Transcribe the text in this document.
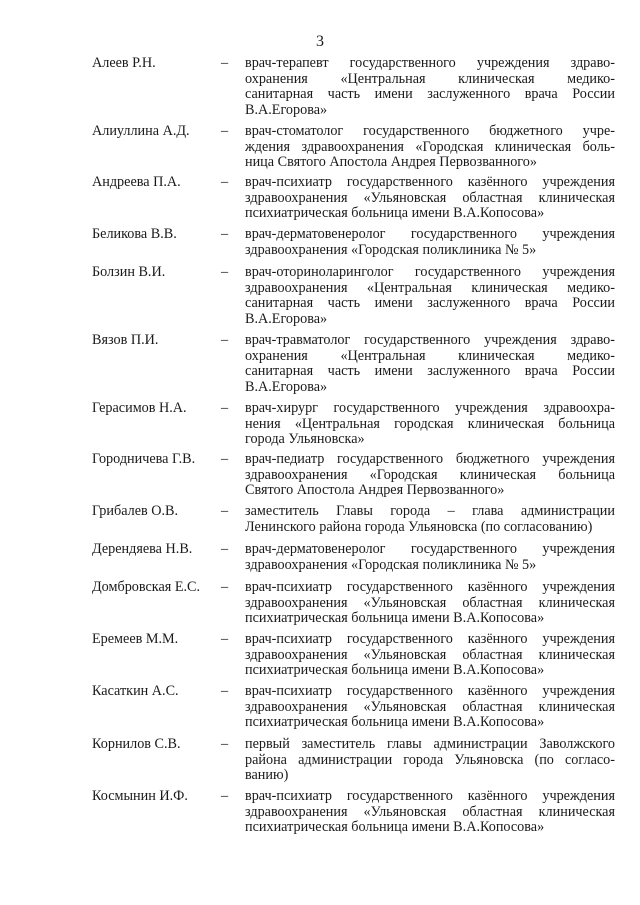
3
Алеев Р.Н.	– врач-терапевт государственного учреждения здраво-
охранения «Центральная клиническая медико-
санитарная часть имени заслуженного врача России
В.А.Егорова»
Алиуллина А.Д. – врач-стоматолог государственного бюджетного учре-
ждения здравоохранения «Городская клиническая боль-
ница Святого Апостола Андрея Первозванного»
Андреева П.А.	– врач-психиатр государственного казённого учреждения
здравоохранения «Ульяновская областная клиническая
психиатрическая больница имени В.А.Копосова»
Беликова В.В.	– врач-дерматовенеролог государственного учреждения
здравоохранения «Городская поликлиника № 5»
Болзин В.И.	– врач-оториноларинголог государственного учреждения
здравоохранения «Центральная клиническая медико-
санитарная часть имени заслуженного врача России
В.А.Егорова»
Вязов П.И.	– врач-травматолог государственного учреждения здраво-
охранения «Центральная клиническая медико-
санитарная часть имени заслуженного врача России
В.А.Егорова»
Герасимов Н.А. – врач-хирург государственного учреждения здравоохра-
нения «Центральная городская клиническая больница
города Ульяновска»
Городничева Г.В. – врач-педиатр государственного бюджетного учреждения
здравоохранения «Городская клиническая больница
Святого Апостола Андрея Первозванного»
Грибалев О.В.	– заместитель Главы города – глава администрации
Ленинского района города Ульяновска (по согласованию)
Дерендяева Н.В. – врач-дерматовенеролог государственного учреждения
здравоохранения «Городская поликлиника № 5»
Домбровская Е.С. – врач-психиатр государственного казённого учреждения
здравоохранения «Ульяновская областная клиническая
психиатрическая больница имени В.А.Копосова»
Еремеев М.М.	– врач-психиатр государственного казённого учреждения
здравоохранения «Ульяновская областная клиническая
психиатрическая больница имени В.А.Копосова»
Касаткин А.С.	– врач-психиатр государственного казённого учреждения
здравоохранения «Ульяновская областная клиническая
психиатрическая больница имени В.А.Копосова»
Корнилов С.В.	– первый заместитель главы администрации Заволжского
района администрации города Ульяновска (по согласо-
ванию)
Космынин И.Ф. – врач-психиатр государственного казённого учреждения
здравоохранения «Ульяновская областная клиническая
психиатрическая больница имени В.А.Копосова»
